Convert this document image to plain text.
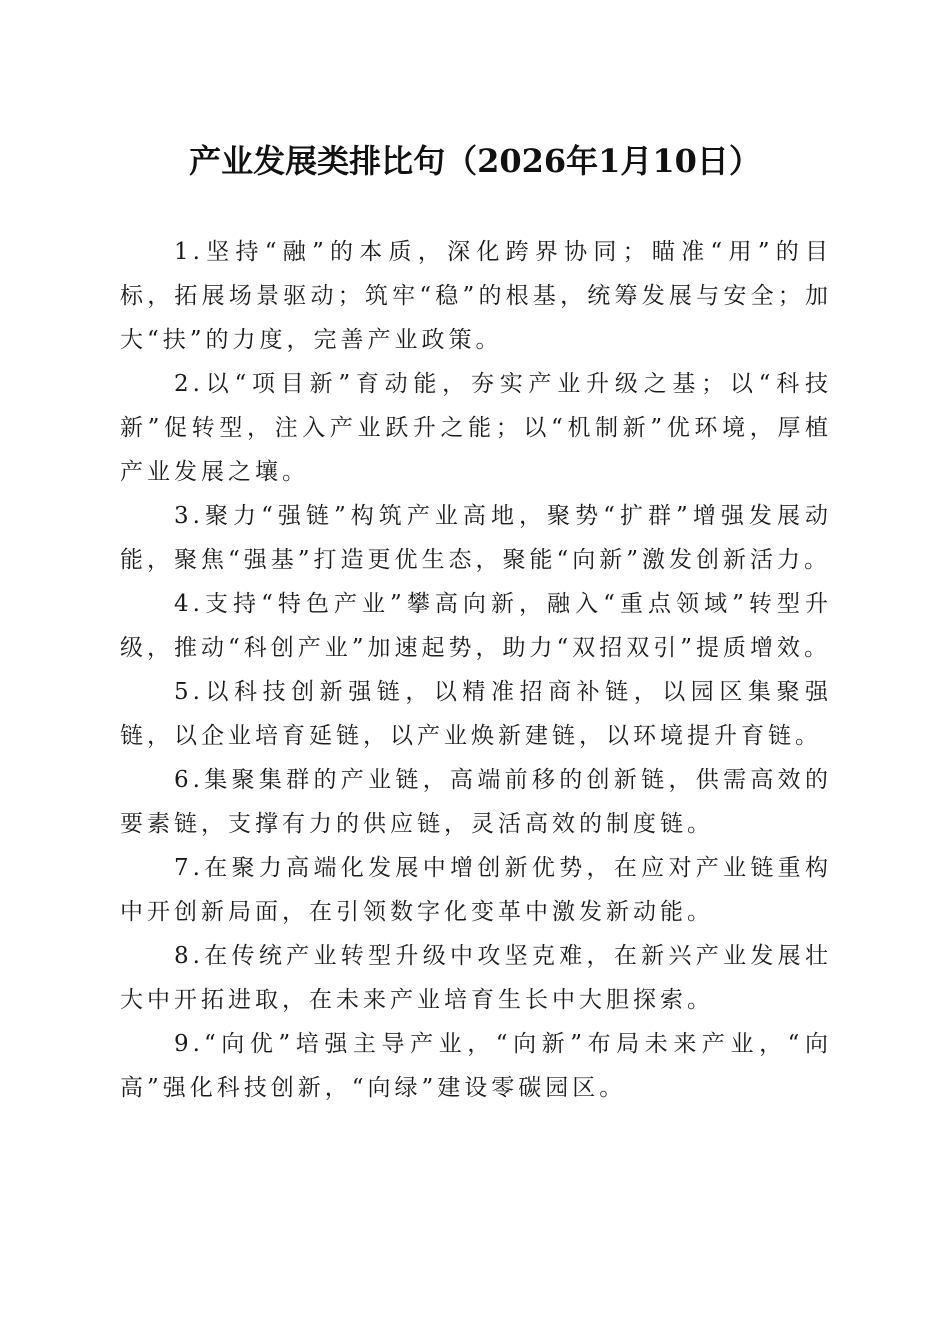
产业发展类排比句（2026年1月10日）

1.坚持“融”的本质，深化跨界协同；瞄准“用”的目标，拓展场景驱动；筑牢“稳”的根基，统筹发展与安全；加大“扶”的力度，完善产业政策。

2.以“项目新”育动能，夯实产业升级之基；以“科技新”促转型，注入产业跃升之能；以“机制新”优环境，厚植产业发展之壤。

3.聚力“强链”构筑产业高地，聚势“扩群”增强发展动能，聚焦“强基”打造更优生态，聚能“向新”激发创新活力。

4.支持“特色产业”攀高向新，融入“重点领域”转型升级，推动“科创产业”加速起势，助力“双招双引”提质增效。

5.以科技创新强链，以精准招商补链，以园区集聚强链，以企业培育延链，以产业焕新建链，以环境提升育链。

6.集聚集群的产业链，高端前移的创新链，供需高效的要素链，支撑有力的供应链，灵活高效的制度链。

7.在聚力高端化发展中增创新优势，在应对产业链重构中开创新局面，在引领数字化变革中激发新动能。

8.在传统产业转型升级中攻坚克难，在新兴产业发展壮大中开拓进取，在未来产业培育生长中大胆探索。

9.“向优”培强主导产业，“向新”布局未来产业，“向高”强化科技创新，“向绿”建设零碳园区。
